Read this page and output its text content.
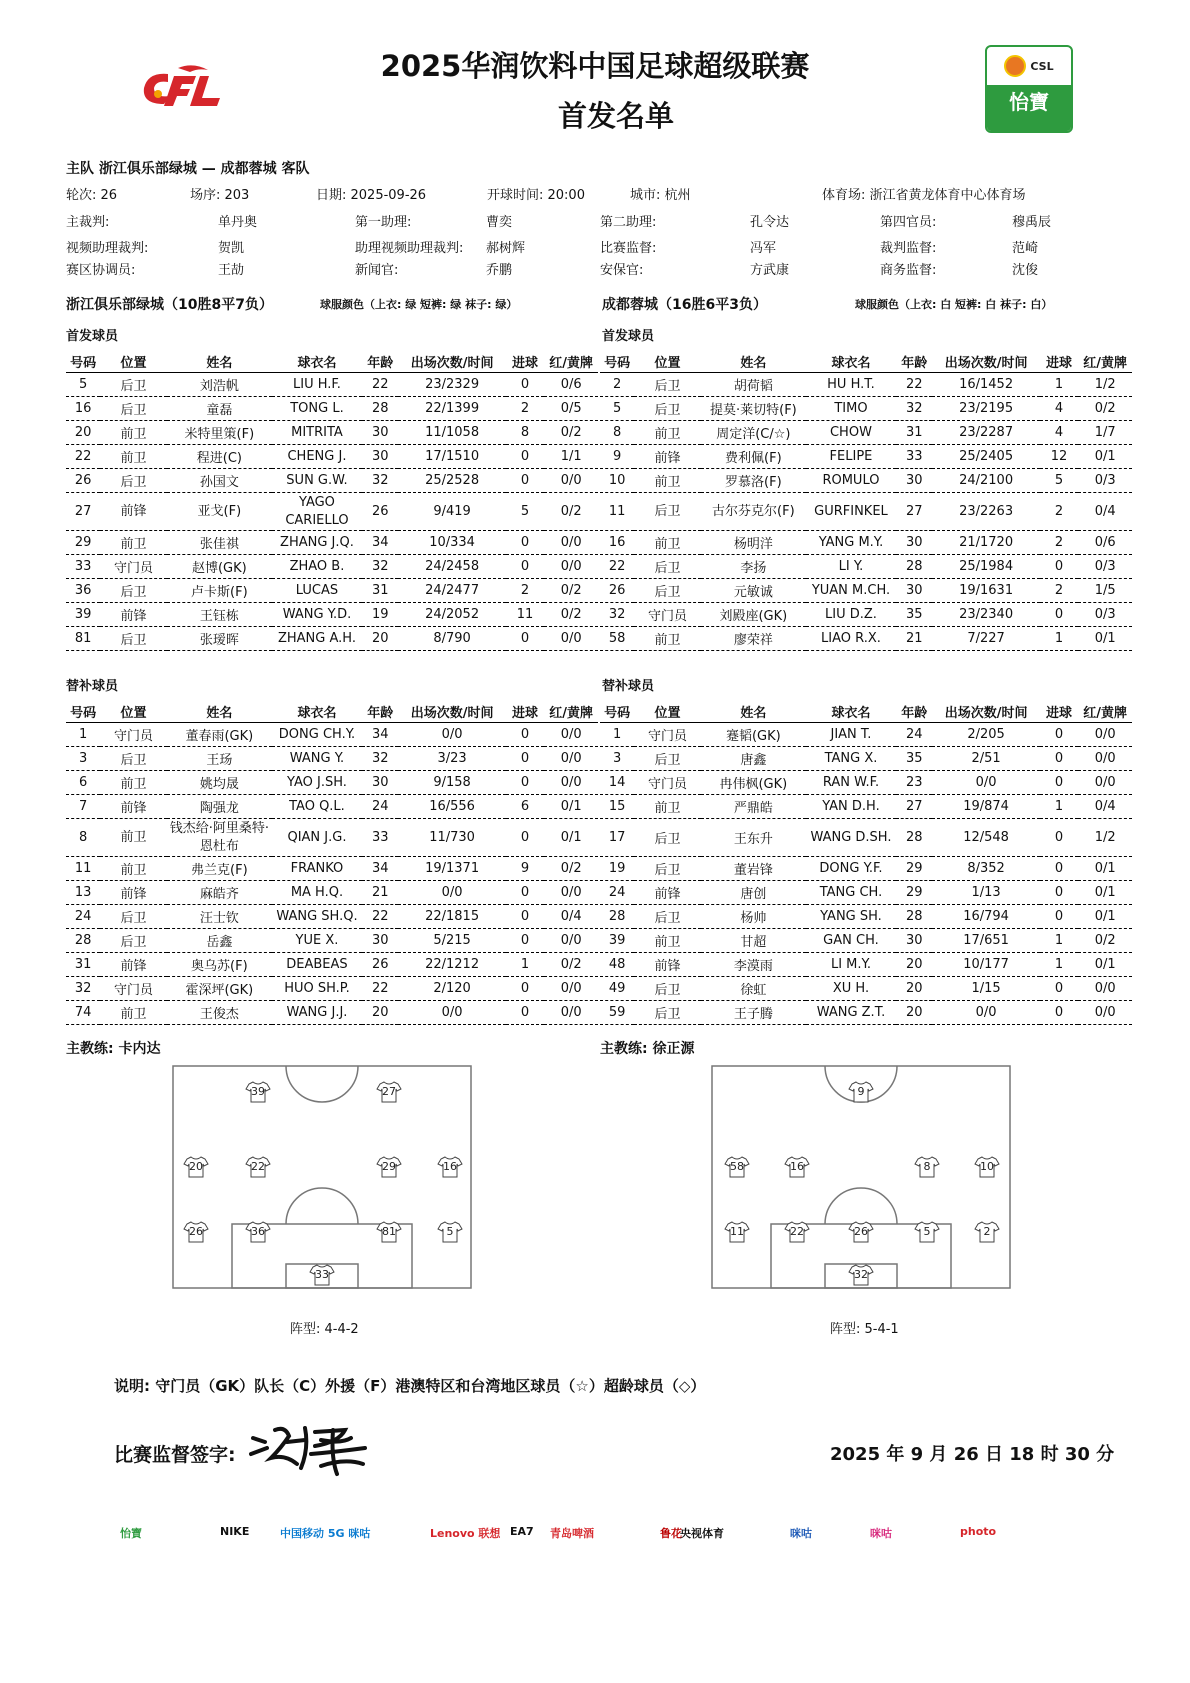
CSL
怡寶
2025华润饮料中国足球超级联赛
首发名单
主队 浙江俱乐部绿城 — 成都蓉城 客队
轮次: 26	场序: 203	日期: 2025-09-26	开球时间: 20:00	城市: 杭州	体育场: 浙江省黄龙体育中心体育场
主裁判:	单丹奥	第一助理:	曹奕	第二助理:	孔令达	第四官员:	穆禹辰
视频助理裁判:	贺凯	助理视频助理裁判: 郝树辉	比赛监督:	冯军	裁判监督:	范崎
赛区协调员:	王劼	新闻官:	乔鹏	安保官:	方武康	商务监督:	沈俊
浙江俱乐部绿城（10胜8平7负）	球服颜色（上衣: 绿 短裤: 绿 袜子: 绿）	成都蓉城（16胜6平3负）	球服颜色（上衣: 白 短裤: 白 袜子: 白）
首发球员	首发球员
号码	位置	姓名	球衣名	年龄	出场次数/时间	进球	红/黄牌
5	后卫	刘浩帆	LIU H.F.	22	23/2329	0	0/6
16	后卫	童磊	TONG L.	28	22/1399	2	0/5
20	前卫	米特里策(F)	MITRITA	30	11/1058	8	0/2
22	前卫	程进(C)	CHENG J.	30	17/1510	0	1/1
26	后卫	孙国文	SUN G.W.	32	25/2528	0	0/0
27	前锋	亚戈(F)	YAGO CARIELLO	26	9/419	5	0/2
29	前卫	张佳祺	ZHANG J.Q.	34	10/334	0	0/0
33	守门员	赵博(GK)	ZHAO B.	32	24/2458	0	0/0
36	后卫	卢卡斯(F)	LUCAS	31	24/2477	2	0/2
39	前锋	王钰栋	WANG Y.D.	19	24/2052	11	0/2
81	后卫	张瑷晖	ZHANG A.H.	20	8/790	0	0/0
号码	位置	姓名	球衣名	年龄	出场次数/时间	进球	红/黄牌
2	后卫	胡荷韬	HU H.T.	22	16/1452	1	1/2
5	后卫	提莫·莱切特(F)	TIMO	32	23/2195	4	0/2
8	前卫	周定洋(C/☆)	CHOW	31	23/2287	4	1/7
9	前锋	费利佩(F)	FELIPE	33	25/2405	12	0/1
10	前卫	罗慕洛(F)	ROMULO	30	24/2100	5	0/3
11	后卫	古尔芬克尔(F)	GURFINKEL	27	23/2263	2	0/4
16	前卫	杨明洋	YANG M.Y.	30	21/1720	2	0/6
22	后卫	李扬	LI Y.	28	25/1984	0	0/3
26	后卫	元敏诚	YUAN M.CH.	30	19/1631	2	1/5
32	守门员	刘殿座(GK)	LIU D.Z.	35	23/2340	0	0/3
58	前卫	廖荣祥	LIAO R.X.	21	7/227	1	0/1
替补球员	替补球员
号码	位置	姓名	球衣名	年龄	出场次数/时间	进球	红/黄牌
1	守门员	董春雨(GK)	DONG CH.Y.	34	0/0	0	0/0
3	后卫	王玚	WANG Y.	32	3/23	0	0/0
6	前卫	姚均晟	YAO J.SH.	30	9/158	0	0/0
7	前锋	陶强龙	TAO Q.L.	24	16/556	6	0/1
8	前卫	钱杰给·阿里桑特·恩杜布	QIAN J.G.	33	11/730	0	0/1
11	前卫	弗兰克(F)	FRANKO	34	19/1371	9	0/2
13	前锋	麻皓齐	MA H.Q.	21	0/0	0	0/0
24	后卫	汪士钦	WANG SH.Q.	22	22/1815	0	0/4
28	后卫	岳鑫	YUE X.	30	5/215	0	0/0
31	前锋	奥乌苏(F)	DEABEAS	26	22/1212	1	0/2
32	守门员	霍深坪(GK)	HUO SH.P.	22	2/120	0	0/0
74	前卫	王俊杰	WANG J.J.	20	0/0	0	0/0
号码	位置	姓名	球衣名	年龄	出场次数/时间	进球	红/黄牌
1	守门员	蹇韬(GK)	JIAN T.	24	2/205	0	0/0
3	后卫	唐鑫	TANG X.	35	2/51	0	0/0
14	守门员	冉伟枫(GK)	RAN W.F.	23	0/0	0	0/0
15	前卫	严鼎皓	YAN D.H.	27	19/874	1	0/4
17	后卫	王东升	WANG D.SH.	28	12/548	0	1/2
19	后卫	董岩锋	DONG Y.F.	29	8/352	0	0/1
24	前锋	唐创	TANG CH.	29	1/13	0	0/1
28	后卫	杨帅	YANG SH.	28	16/794	0	0/1
39	前卫	甘超	GAN CH.	30	17/651	1	0/2
48	前锋	李漠雨	LI M.Y.	20	10/177	1	0/1
49	后卫	徐虹	XU H.	20	1/15	0	0/0
59	后卫	王子腾	WANG Z.T.	20	0/0	0	0/0
主教练: 卡内达	主教练: 徐正源
39	27
20	22	29	16
26	36	81	5
33
9
58	16	8	10
11	22	26	5	2
32
阵型: 4-4-2	阵型: 5-4-1
说明: 守门员（GK）队长（C）外援（F）港澳特区和台湾地区球员（☆）超龄球员（◇）
比赛监督签字:	2025 年 9 月 26 日 18 时 30 分
怡寶	NIKE	中国移动 5G 咪咕	Lenovo 联想 EA7 青岛啤酒	鲁花
央视体育	咪咕	咪咕	photo
